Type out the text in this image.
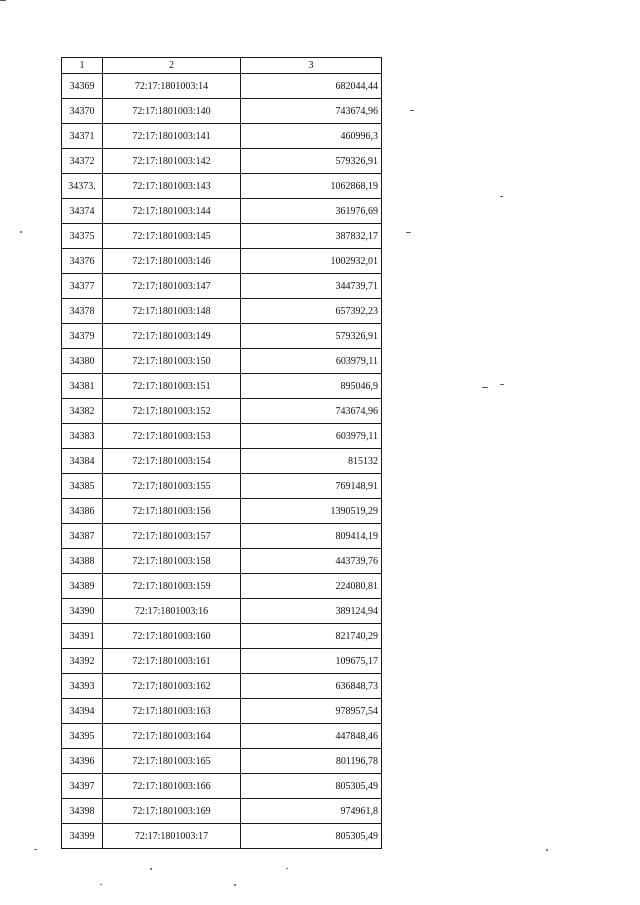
1	2	3
34369	72:17:1801003:14	682044,44
34370	72:17:1801003:140	743674,96
34371	72:17:1801003:141	460996,3
34372	72:17:1801003:142	579326,91
34373.	72:17:1801003:143	1062868,19
34374	72:17:1801003:144	361976,69
34375	72:17:1801003:145	387832,17
34376	72:17:1801003:146	1002932,01
34377	72:17:1801003:147	344739,71
34378	72:17:1801003:148	657392,23
34379	72:17:1801003:149	579326,91
34380	72:17:1801003:150	603979,11
34381	72:17:1801003:151	895046,9
34382	72:17:1801003:152	743674,96
34383	72:17:1801003:153	603979,11
34384	72:17:1801003:154	815132
34385	72:17:1801003:155	769148,91
34386	72:17:1801003:156	1390519,29
34387	72:17:1801003:157	809414,19
34388	72:17:1801003:158	443739,76
34389	72:17:1801003:159	224080,81
34390	72:17:1801003:16	389124,94
34391	72:17:1801003:160	821740,29
34392	72:17:1801003:161	109675,17
34393	72:17:1801003:162	636848,73
34394	72:17:1801003:163	978957,54
34395	72:17:1801003:164	447848,46
34396	72:17:1801003:165	801196,78
34397	72:17:1801003:166	805305,49
34398	72:17:1801003:169	974961,8
34399	72:17:1801003:17	805305,49
